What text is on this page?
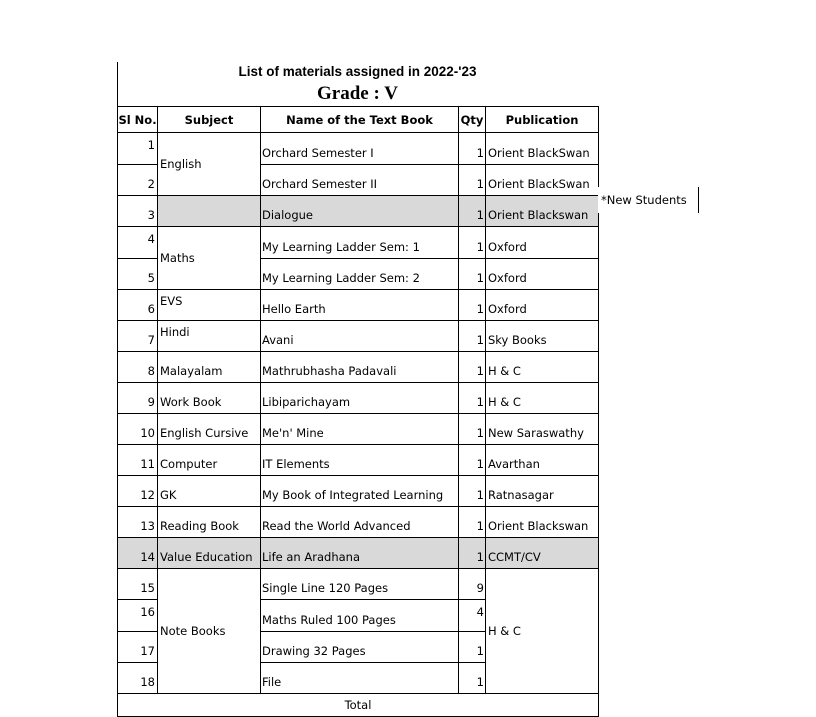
List of materials assigned in 2022-'23
Grade : V
Sl No.	Subject	Name of the Text Book	Qty	Publication
1	English	Orchard Semester I	1	Orient BlackSwan
2		Orchard Semester II	1	Orient BlackSwan
3		Dialogue	1	Orient Blackswan
4	Maths	My Learning Ladder Sem: 1	1	Oxford
5		My Learning Ladder Sem: 2	1	Oxford
6	EVS	Hello Earth	1	Oxford
7	Hindi	Avani	1	Sky Books
8	Malayalam	Mathrubhasha Padavali	1	H & C
9	Work Book	Libiparichayam	1	H & C
10	English Cursive	Me'n' Mine	1	New Saraswathy
11	Computer	IT Elements	1	Avarthan
12	GK	My Book of Integrated Learning	1	Ratnasagar
13	Reading Book	Read the World Advanced	1	Orient Blackswan
14	Value Education	Life an Aradhana	1	CCMT/CV
15	Note Books	Single Line 120 Pages	9	H & C
16		Maths Ruled 100 Pages	4	
17		Drawing 32 Pages	1	
18		File	1	
Total				
*New Students
